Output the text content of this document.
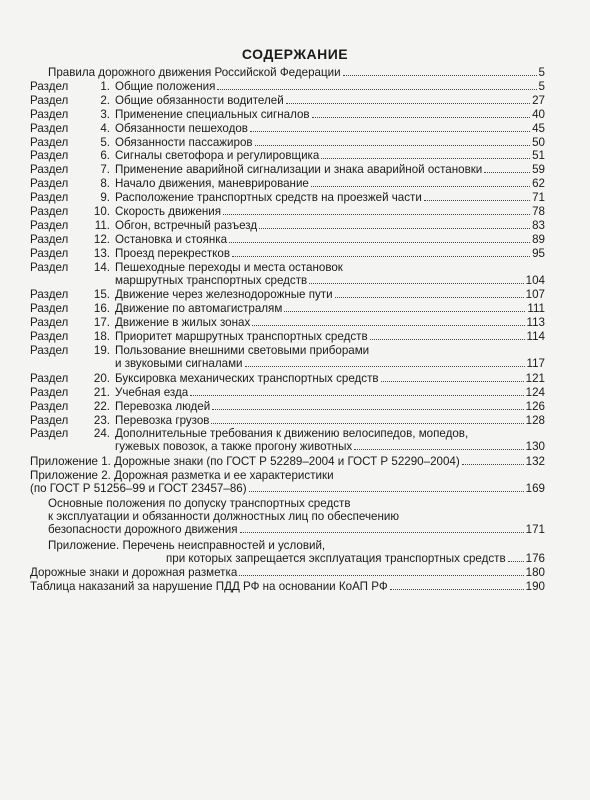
СОДЕРЖАНИЕ
Правила дорожного движения Российской Федерации	5
Раздел	1. Общие положения	5
Раздел	2. Общие обязанности водителей	27
Раздел	3. Применение специальных сигналов	40
Раздел	4. Обязанности пешеходов	45
Раздел	5. Обязанности пассажиров	50
Раздел	6. Сигналы светофора и регулировщика	51
Раздел	7. Применение аварийной сигнализации и знака аварийной остановки	59
Раздел	8. Начало движения, маневрирование	62
Раздел	9. Расположение транспортных средств на проезжей части	71
Раздел	10. Скорость движения	78
Раздел	11. Обгон, встречный разъезд	83
Раздел	12. Остановка и стоянка	89
Раздел	13. Проезд перекрестков	95
Раздел	14. Пешеходные переходы и места остановок
маршрутных транспортных средств	104
Раздел	15. Движение через железнодорожные пути	107
Раздел	16. Движение по автомагистралям	111
Раздел	17. Движение в жилых зонах	113
Раздел	18. Приоритет маршрутных транспортных средств	114
Раздел	19. Пользование внешними световыми приборами
и звуковыми сигналами	117
Раздел	20. Буксировка механических транспортных средств	121
Раздел	21. Учебная езда	124
Раздел	22. Перевозка людей	126
Раздел	23. Перевозка грузов	128
Раздел	24. Дополнительные требования к движению велосипедов, мопедов,
гужевых повозок, а также прогону животных	130
Приложение 1. Дорожные знаки (по ГОСТ Р 52289–2004 и ГОСТ Р 52290–2004)	132
Приложение 2. Дорожная разметка и ее характеристики
(по ГОСТ Р 51256–99 и ГОСТ 23457–86)	169
Основные положения по допуску транспортных средств
к эксплуатации и обязанности должностных лиц по обеспечению
безопасности дорожного движения	171
Приложение. Перечень неисправностей и условий,
при которых запрещается эксплуатация транспортных средств 176
Дорожные знаки и дорожная разметка	180
Таблица наказаний за нарушение ПДД РФ на основании КоАП РФ	190
